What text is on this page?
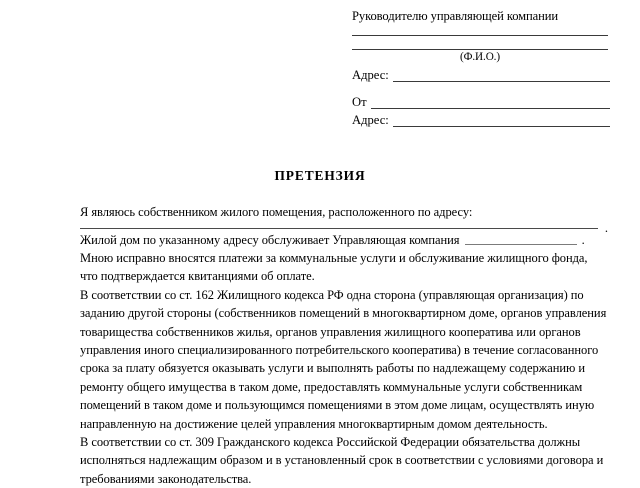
Руководителю управляющей компании
(Ф.И.О.)
Адрес:
От
Адрес:
ПРЕТЕНЗИЯ
Я являюсь собственником жилого помещения, расположенного по адресу:
.
Жилой дом по указанному адресу обслуживает Управляющая компания	.
Мною исправно вносятся платежи за коммунальные услуги и обслуживание жилищного фонда, что подтверждается квитанциями об оплате.
В соответствии со ст. 162 Жилищного кодекса РФ одна сторона (управляющая организация) по заданию другой стороны (собственников помещений в многоквартирном доме, органов управления товарищества собственников жилья, органов управления жилищного кооператива или органов управления иного специализированного потребительского кооператива) в течение согласованного срока за плату обязуется оказывать услуги и выполнять работы по надлежащему содержанию и ремонту общего имущества в таком доме, предоставлять коммунальные услуги собственникам помещений в таком доме и пользующимся помещениями в этом доме лицам, осуществлять иную направленную на достижение целей управления многоквартирным домом деятельность.
В соответствии со ст. 309 Гражданского кодекса Российской Федерации обязательства должны исполняться надлежащим образом и в установленный срок в соответствии с условиями договора и требованиями законодательства.
